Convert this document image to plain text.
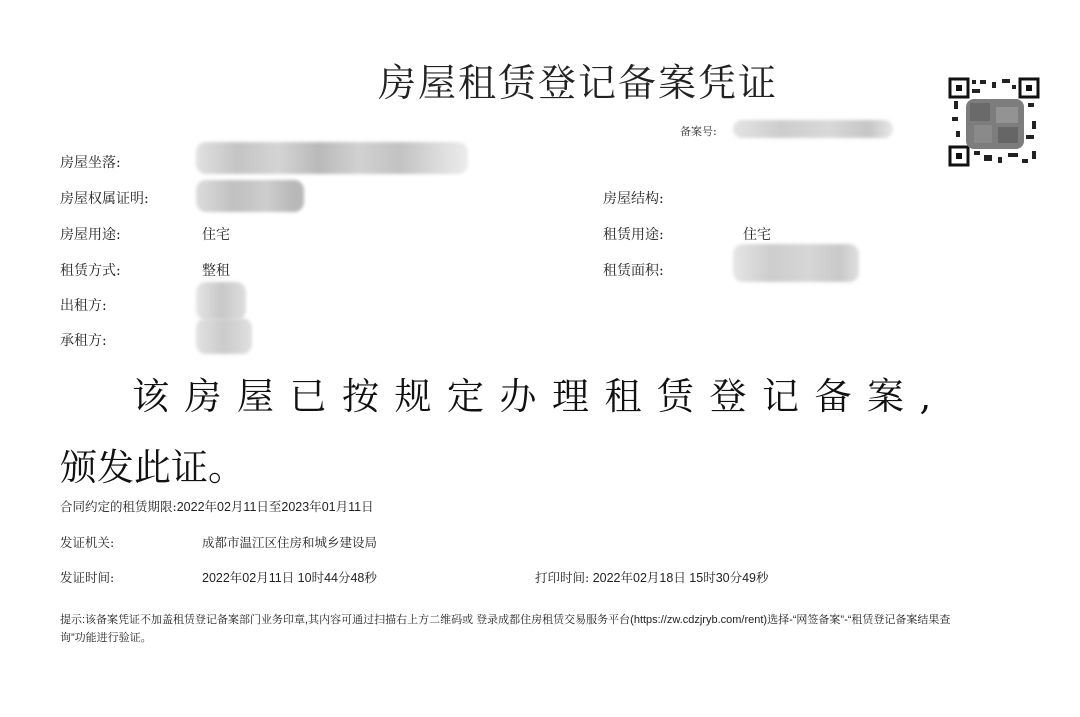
房屋租赁登记备案凭证
备案号:
房屋坐落:
房屋权属证明:	房屋结构:
房屋用途:	住宅	租赁用途:	住宅
租赁方式:	整租	租赁面积:
出租方:
承租方:
该房屋已按规定办理租赁登记备案,
颁发此证。
合同约定的租赁期限:2022年02月11日至2023年01月11日
发证机关:	成都市温江区住房和城乡建设局
发证时间:	2022年02月11日 10时44分48秒	打印时间: 2022年02月18日 15时30分49秒
提示:该备案凭证不加盖租赁登记备案部门业务印章,其内容可通过扫描右上方二维码或 登录成都住房租赁交易服务平台(https://zw.cdzjryb.com/rent)选择-“网签备案”-“租赁登记备案结果查询”功能进行验证。
